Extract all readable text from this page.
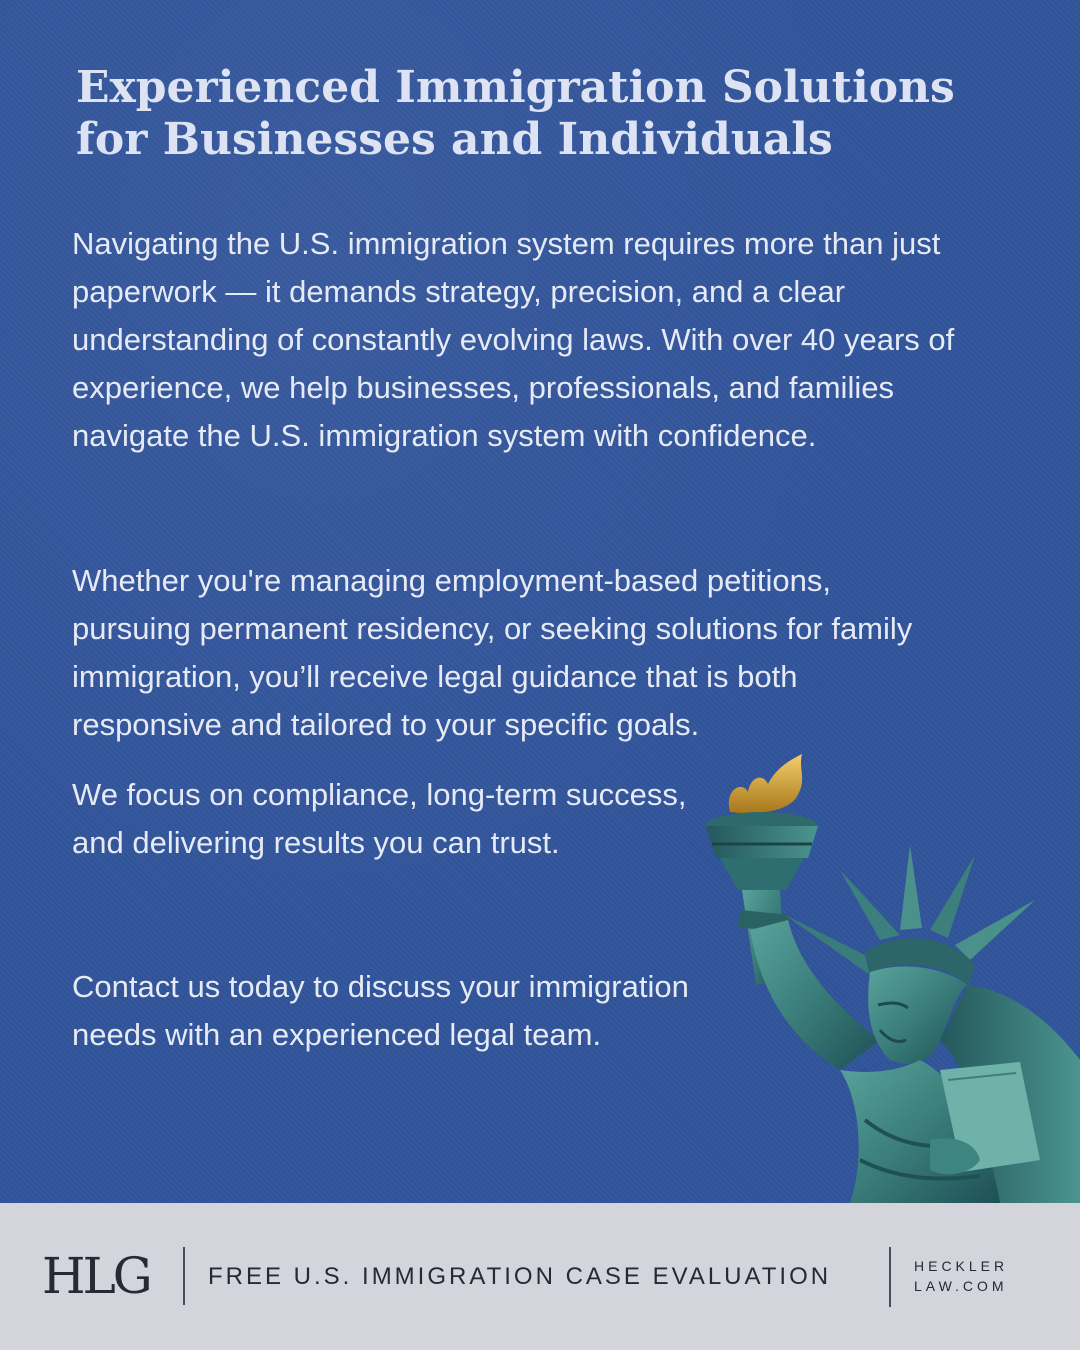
Experienced Immigration Solutions
for Businesses and Individuals

Navigating the U.S. immigration system requires more than just paperwork — it demands strategy, precision, and a clear understanding of constantly evolving laws. With over 40 years of experience, we help businesses, professionals, and families navigate the U.S. immigration system with confidence.

Whether you're managing employment-based petitions, pursuing permanent residency, or seeking solutions for family immigration, you’ll receive legal guidance that is both responsive and tailored to your specific goals.

We focus on compliance, long-term success, and delivering results you can trust.

Contact us today to discuss your immigration needs with an experienced legal team.

HLG FREE U.S. IMMIGRATION CASE EVALUATION	HECKLER
LAW.COM
